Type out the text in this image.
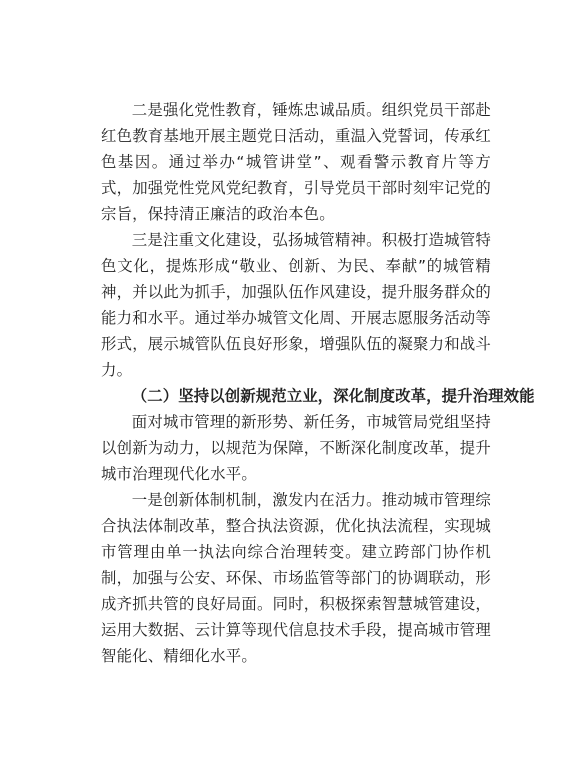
二是强化党性教育，锤炼忠诚品质。组织党员干部赴红色教育基地开展主题党日活动，重温入党誓词，传承红色基因。通过举办“城管讲堂”、观看警示教育片等方式，加强党性党风党纪教育，引导党员干部时刻牢记党的宗旨，保持清正廉洁的政治本色。

三是注重文化建设，弘扬城管精神。积极打造城管特色文化，提炼形成“敬业、创新、为民、奉献”的城管精神，并以此为抓手，加强队伍作风建设，提升服务群众的能力和水平。通过举办城管文化周、开展志愿服务活动等形式，展示城管队伍良好形象，增强队伍的凝聚力和战斗力。

（二）坚持以创新规范立业，深化制度改革，提升治理效能

面对城市管理的新形势、新任务，市城管局党组坚持以创新为动力，以规范为保障，不断深化制度改革，提升城市治理现代化水平。

一是创新体制机制，激发内在活力。推动城市管理综合执法体制改革，整合执法资源，优化执法流程，实现城市管理由单一执法向综合治理转变。建立跨部门协作机制，加强与公安、环保、市场监管等部门的协调联动，形成齐抓共管的良好局面。同时，积极探索智慧城管建设，运用大数据、云计算等现代信息技术手段，提高城市管理智能化、精细化水平。
